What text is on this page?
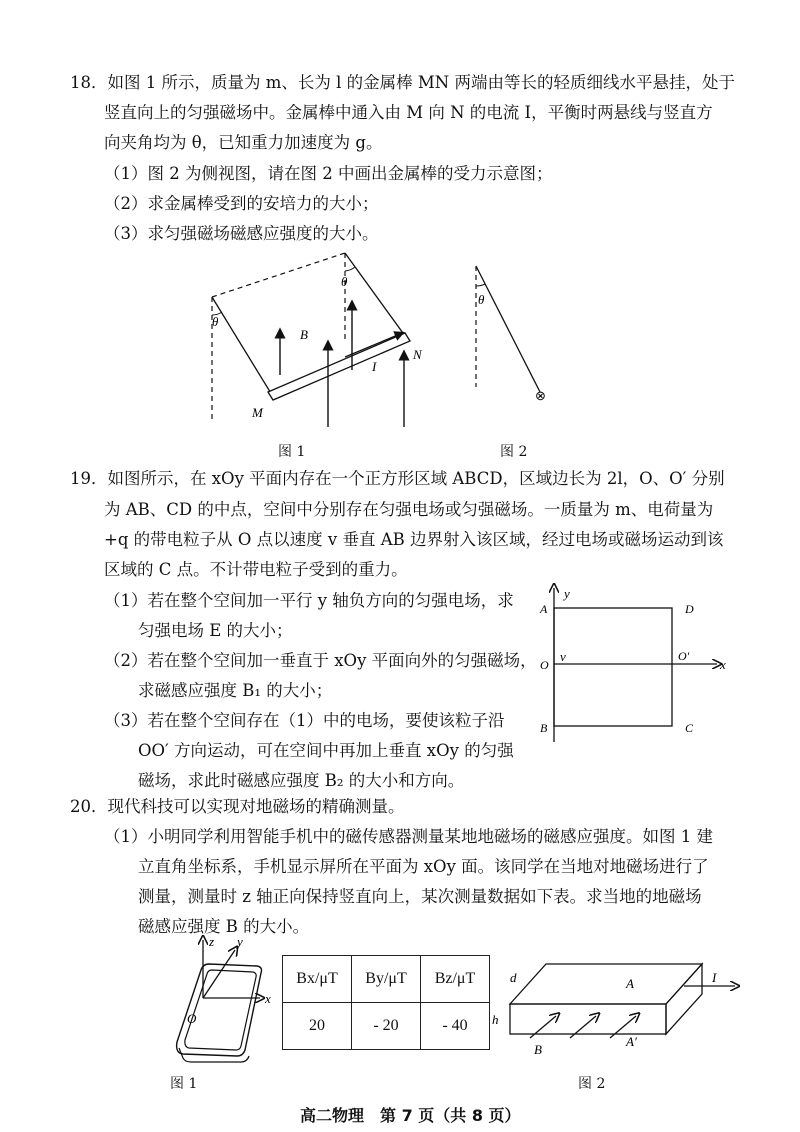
18．如图 1 所示，质量为 m、长为 l 的金属棒 MN 两端由等长的轻质细线水平悬挂，处于
竖直向上的匀强磁场中。金属棒中通入由 M 向 N 的电流 I，平衡时两悬线与竖直方
向夹角均为 θ，已知重力加速度为 g。
（1）图 2 为侧视图，请在图 2 中画出金属棒的受力示意图；
（2）求金属棒受到的安培力的大小；
（3）求匀强磁场磁感应强度的大小。
θ
θ
B
I
M
N
图 1
θ
⊗
图 2
19．如图所示，在 xOy 平面内存在一个正方形区域 ABCD，区域边长为 2l，O、O′ 分别
为 AB、CD 的中点，空间中分别存在匀强电场或匀强磁场。一质量为 m、电荷量为
+q 的带电粒子从 O 点以速度 v 垂直 AB 边界射入该区域，经过电场或磁场运动到该
区域的 C 点。不计带电粒子受到的重力。
（1）若在整个空间加一平行 y 轴负方向的匀强电场，求
匀强电场 E 的大小；
（2）若在整个空间加一垂直于 xOy 平面向外的匀强磁场，
求磁感应强度 B₁ 的大小；
（3）若在整个空间存在（1）中的电场，要使该粒子沿
OO′ 方向运动，可在空间中再加上垂直 xOy 的匀强
磁场，求此时磁感应强度 B₂ 的大小和方向。
y
x
A	D
O
v	O′
B	C
20．现代科技可以实现对地磁场的精确测量。
（1）小明同学利用智能手机中的磁传感器测量某地地磁场的磁感应强度。如图 1 建
立直角坐标系，手机显示屏所在平面为 xOy 面。该同学在当地对地磁场进行了
测量，测量时 z 轴正向保持竖直向上，某次测量数据如下表。求当地的地磁场
磁感应强度 B 的大小。
z y
x
O
图 1
Bx/μT	By/μT	Bz/μT
20	- 20	- 40
d	A	I
h
A′
B
图 2
高二物理　第 7 页（共 8 页）
